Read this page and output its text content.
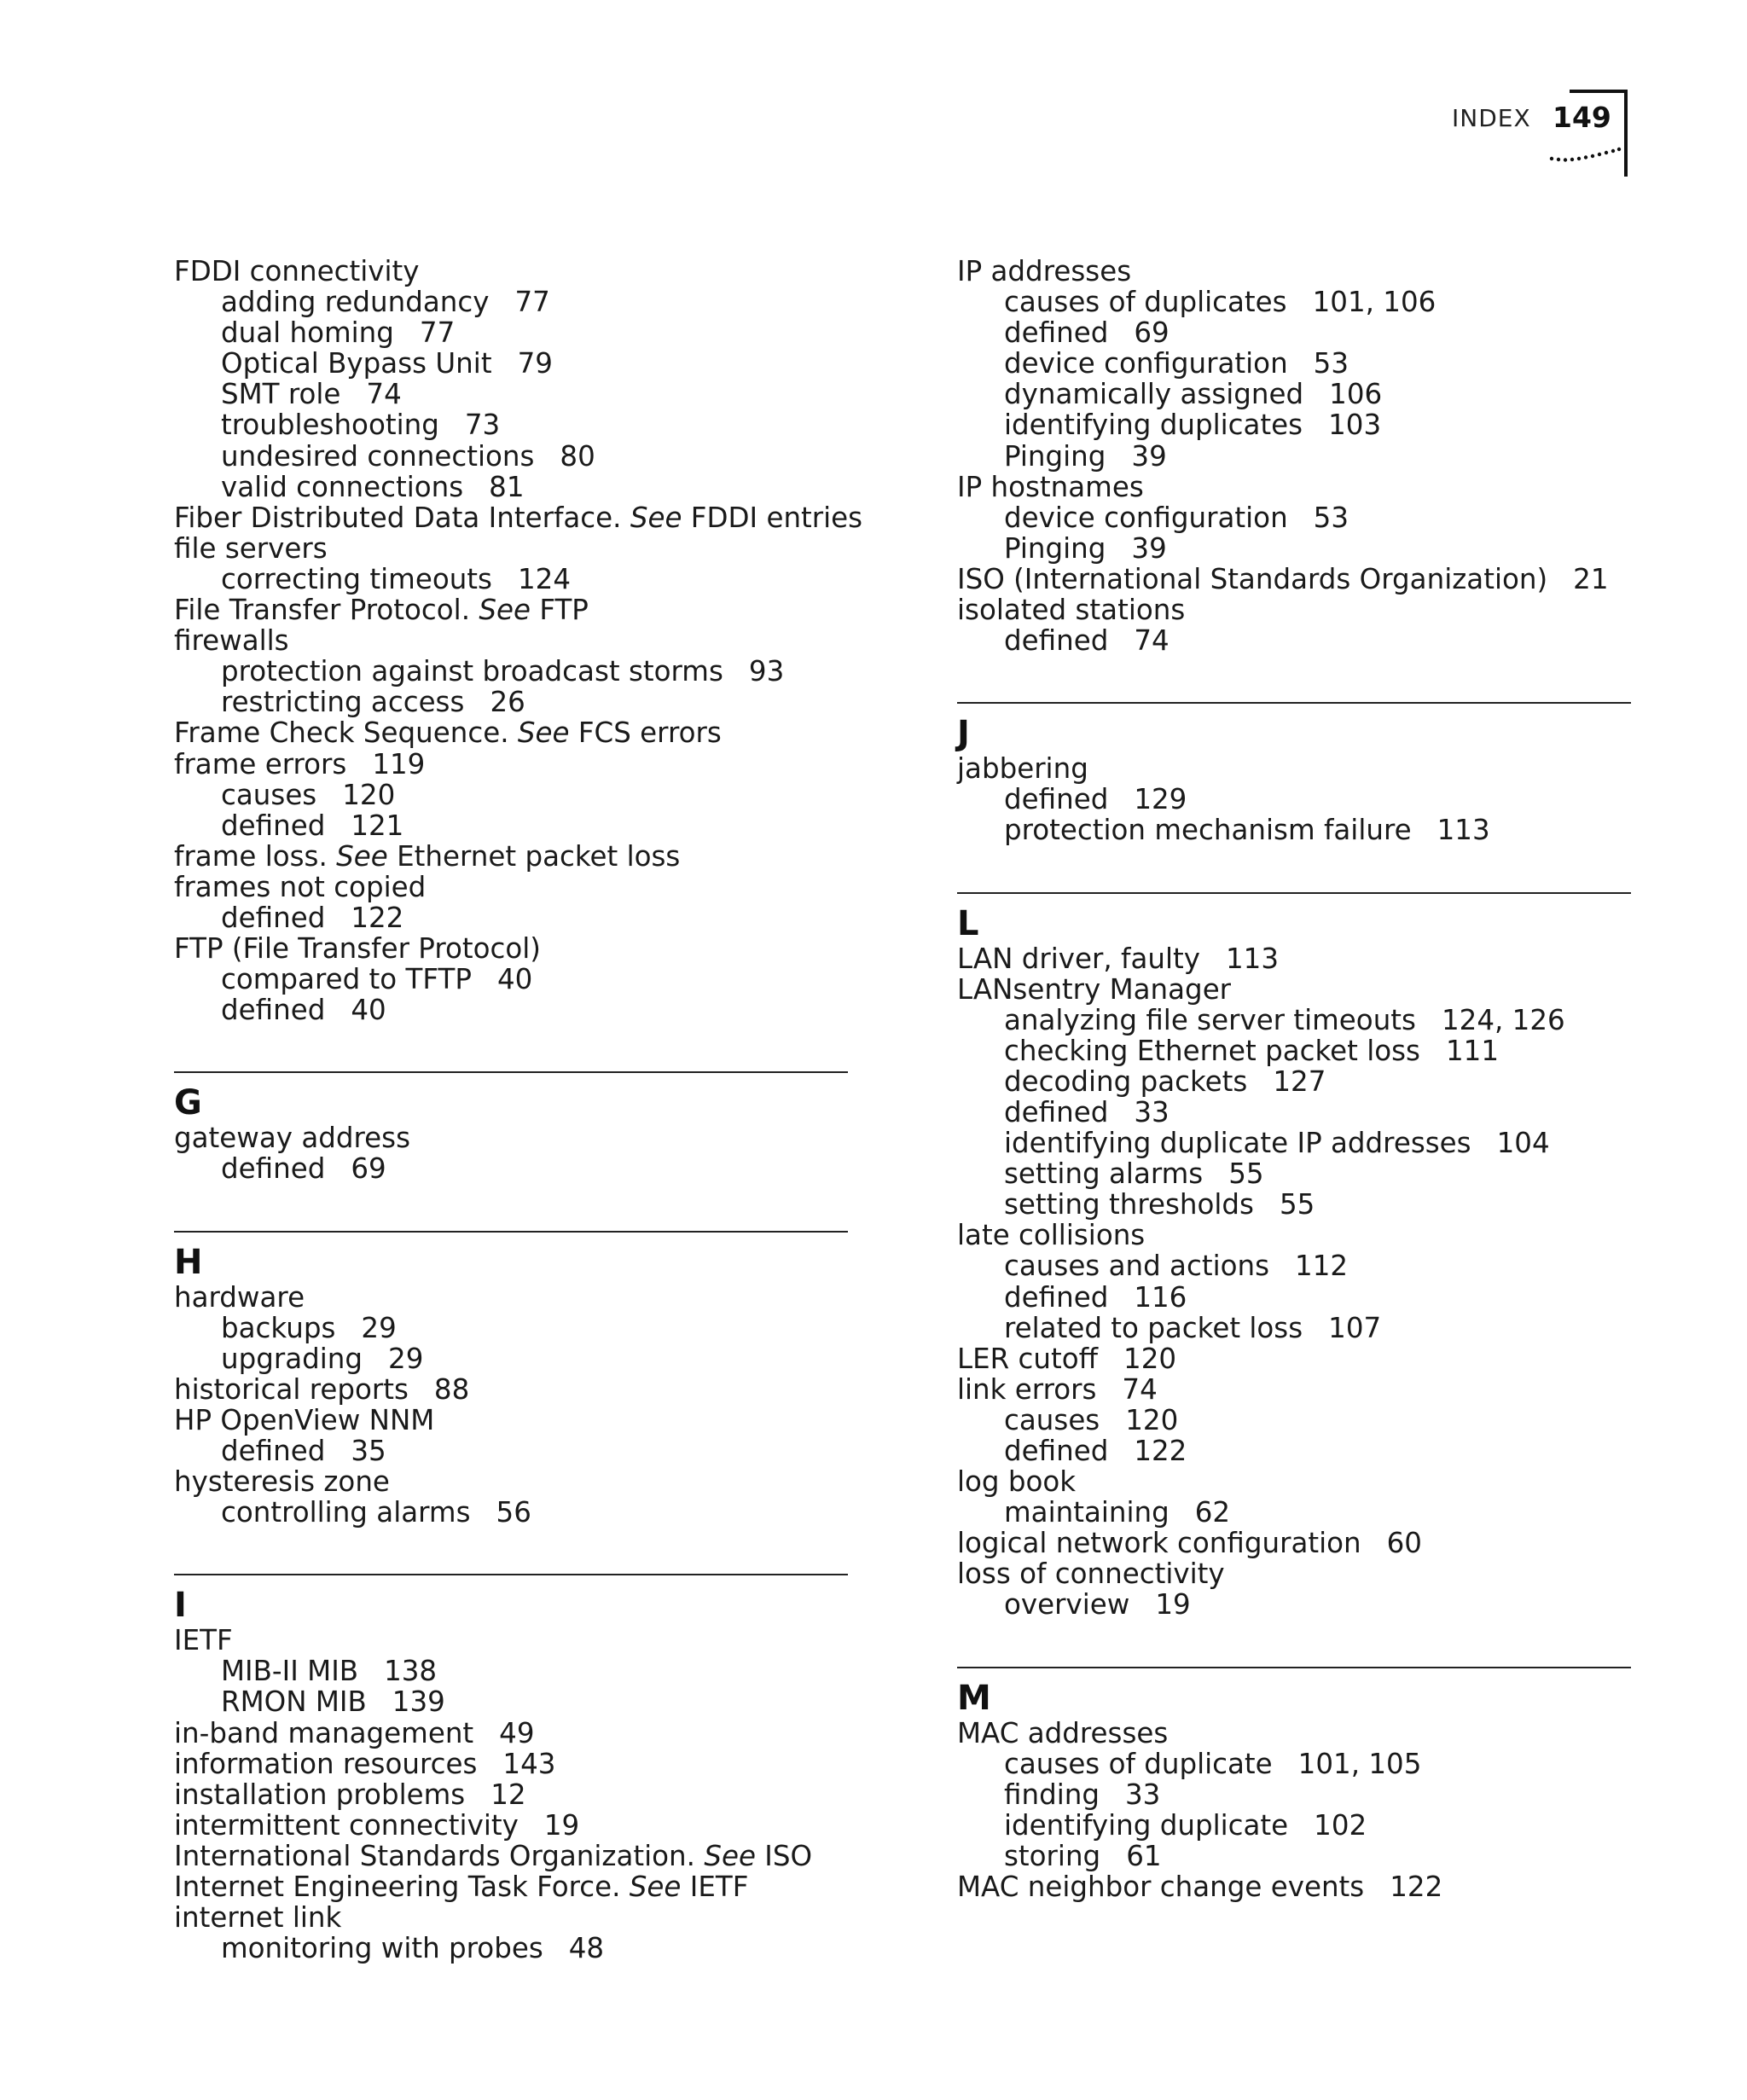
INDEX 149
FDDI connectivity
adding redundancy 77
dual homing 77
Optical Bypass Unit 79
SMT role 74
troubleshooting 73
undesired connections 80
valid connections 81
Fiber Distributed Data Interface. See FDDI entries
file servers
correcting timeouts 124
File Transfer Protocol. See FTP
firewalls
protection against broadcast storms 93
restricting access 26
Frame Check Sequence. See FCS errors
frame errors 119
causes 120
defined 121
frame loss. See Ethernet packet loss
frames not copied
defined 122
FTP (File Transfer Protocol)
compared to TFTP 40
defined 40
G
gateway address
defined 69
H
hardware
backups 29
upgrading 29
historical reports 88
HP OpenView NNM
defined 35
hysteresis zone
controlling alarms 56
I
IETF
MIB-II MIB 138
RMON MIB 139
in-band management 49
information resources 143
installation problems 12
intermittent connectivity 19
International Standards Organization. See ISO
Internet Engineering Task Force. See IETF
internet link
monitoring with probes 48
IP addresses
causes of duplicates 101, 106
defined 69
device configuration 53
dynamically assigned 106
identifying duplicates 103
Pinging 39
IP hostnames
device configuration 53
Pinging 39
ISO (International Standards Organization) 21
isolated stations
defined 74
J
jabbering
defined 129
protection mechanism failure 113
L
LAN driver, faulty 113
LANsentry Manager
analyzing file server timeouts 124, 126
checking Ethernet packet loss 111
decoding packets 127
defined 33
identifying duplicate IP addresses 104
setting alarms 55
setting thresholds 55
late collisions
causes and actions 112
defined 116
related to packet loss 107
LER cutoff 120
link errors 74
causes 120
defined 122
log book
maintaining 62
logical network configuration 60
loss of connectivity
overview 19
M
MAC addresses
causes of duplicate 101, 105
finding 33
identifying duplicate 102
storing 61
MAC neighbor change events 122
